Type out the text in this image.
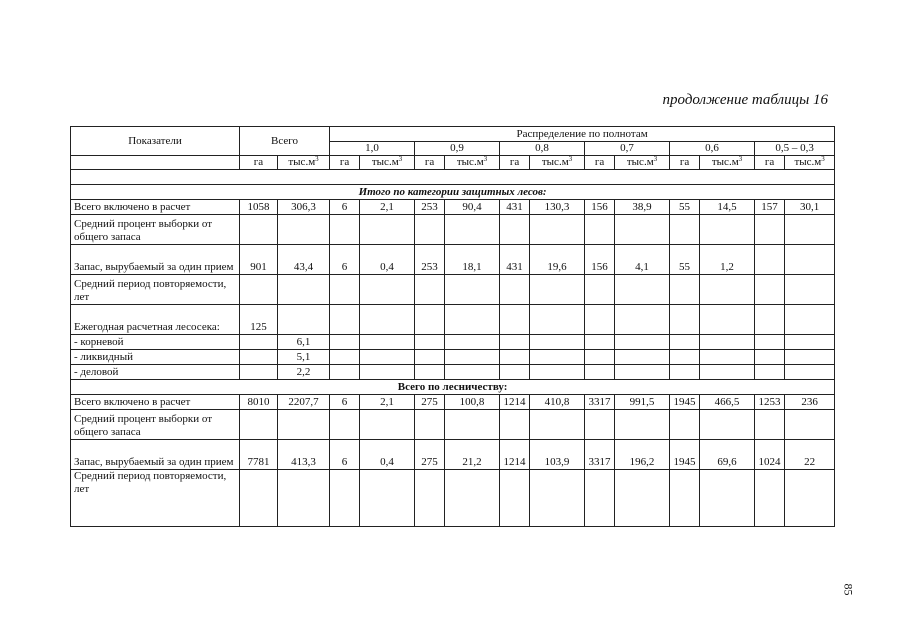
продолжение таблицы 16
Показатели	Всего		Распределение по полнотам											
			1,0		0,9		0,8		0,7		0,6		0,5 – 0,3	
	га	$тыс.м^3$	га	$тыс.м^3$	га	$тыс.м^3$	га	$тыс.м^3$	га	$тыс.м^3$	га	$тыс.м^3$	га	$тыс.м^3$

Итого по категории защитных лесов:														
Всего включено в расчет	1058	306,3	6	2,1	253	90,4	431	130,3	156	38,9	55	14,5	157	30,1
Средний процент выборки от общего запаса														
Запас, вырубаемый за один прием	901	43,4	6	0,4	253	18,1	431	19,6	156	4,1	55	1,2		
Средний период повторяемости, лет														
Ежегодная расчетная лесосека:	125													
- корневой		6,1												
- ликвидный		5,1												
- деловой		2,2												
Всего по лесничеству:														
Всего включено в расчет	8010	2207,7	6	2,1	275	100,8	1214	410,8	3317	991,5	1945	466,5	1253	236
Средний процент выборки от общего запаса														
Запас, вырубаемый за один прием	7781	413,3	6	0,4	275	21,2	1214	103,9	3317	196,2	1945	69,6	1024	22
Средний период повторяемости, лет														
85
